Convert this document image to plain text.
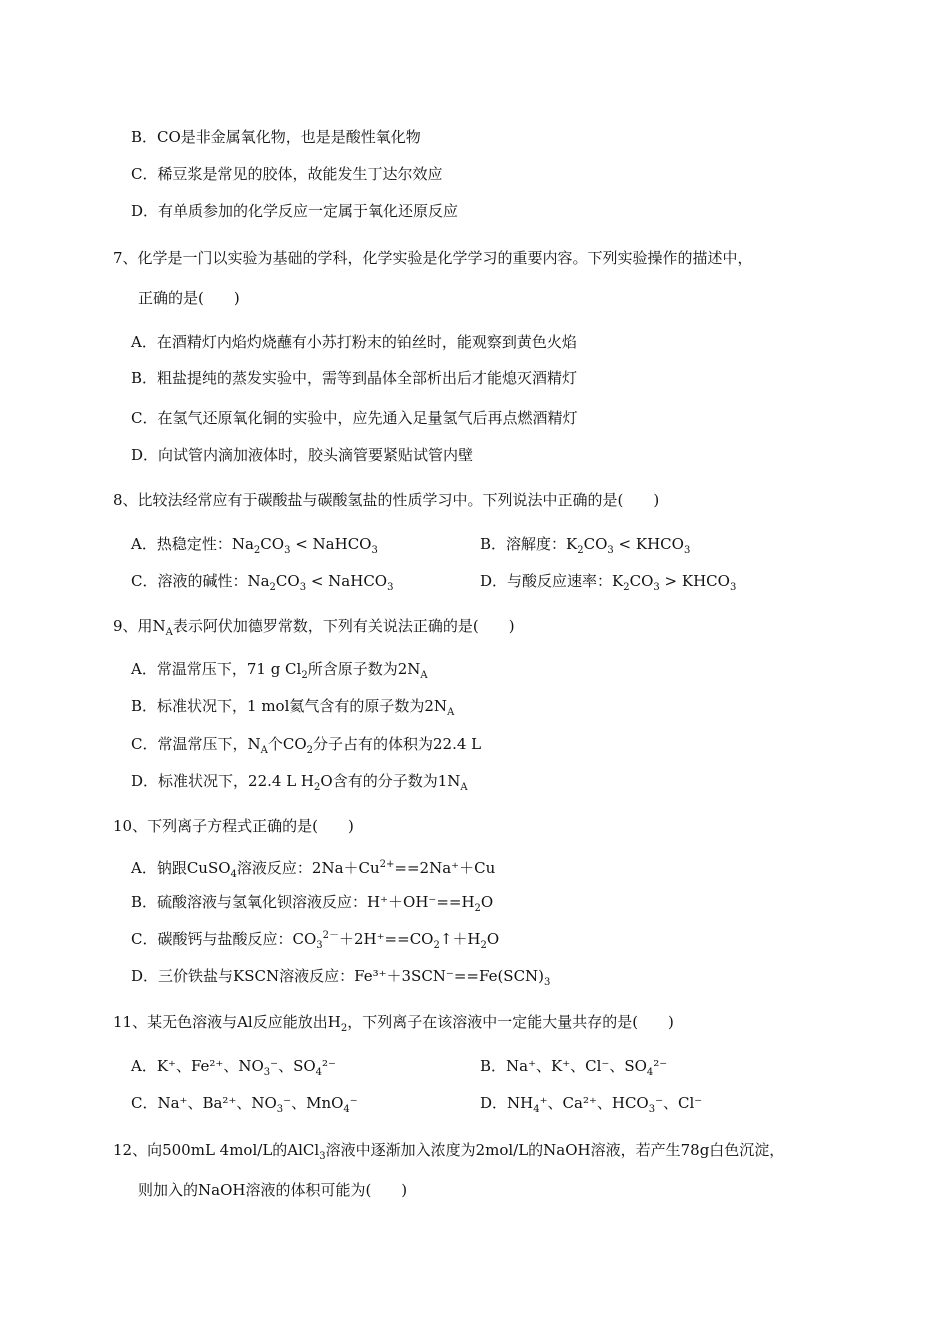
B．CO是非金属氧化物，也是是酸性氧化物
C．稀豆浆是常见的胶体，故能发生丁达尔效应
D．有单质参加的化学反应一定属于氧化还原反应
7、化学是一门以实验为基础的学科，化学实验是化学学习的重要内容。下列实验操作的描述中，
正确的是(　　)
A．在酒精灯内焰灼烧蘸有小苏打粉末的铂丝时，能观察到黄色火焰
B．粗盐提纯的蒸发实验中，需等到晶体全部析出后才能熄灭酒精灯
C．在氢气还原氧化铜的实验中，应先通入足量氢气后再点燃酒精灯
D．向试管内滴加液体时，胶头滴管要紧贴试管内壁
8、比较法经常应有于碳酸盐与碳酸氢盐的性质学习中。下列说法中正确的是(　　)
A．热稳定性：$Na_2CO_3$ < NaHCO$_3$	B．溶解度：$K_2CO_3$ < $KHCO_3$
C．溶液的碱性：$Na_2CO_3$ < NaHCO$_3$	D．与酸反应速率：$K_2CO_3$ > $KHCO_3$
9、用$N_A$表示阿伏加德罗常数，下列有关说法正确的是(　　)
A．常温常压下，71 g $Cl_2$所含原子数为$2N_A$
B．标准状况下，1 mol氦气含有的原子数为$2N_A$
C．常温常压下，$N_A$个$CO_2$分子占有的体积为22.4 L
D．标准状况下，22.4 L $H_2O$含有的分子数为$1N_A$
10、下列离子方程式正确的是(　　)
A．钠跟CuSO$_4$溶液反应：$2Na+Cu^{2+}==2Na^++Cu$
B．硫酸溶液与氢氧化钡溶液反应：$H^++OH^-==H_2O$
C．碳酸钙与盐酸反应：$CO_3^{2-}+2H^+==CO_2↑+H_2O$
D．三价铁盐与KSCN溶液反应：$Fe^{3+}+3SCN^-==Fe(SCN)_3$
11、某无色溶液与Al反应能放出$H_2$，下列离子在该溶液中一定能大量共存的是(　　)
A．K⁺、Fe²⁺、$NO_3^-$、$SO_4^{2-}$	B．Na⁺、K⁺、Cl⁻、$SO_4^{2-}$
C．Na⁺、Ba²⁺、$NO_3^-$、MnO$_4$⁻	D．$NH_4^+$、Ca²⁺、$HCO_3^-$、Cl⁻
12、向500mL 4mol/L的AlCl$_3$溶液中逐渐加入浓度为2mol/L的NaOH溶液，若产生78g白色沉淀，
则加入的NaOH溶液的体积可能为(　　)
